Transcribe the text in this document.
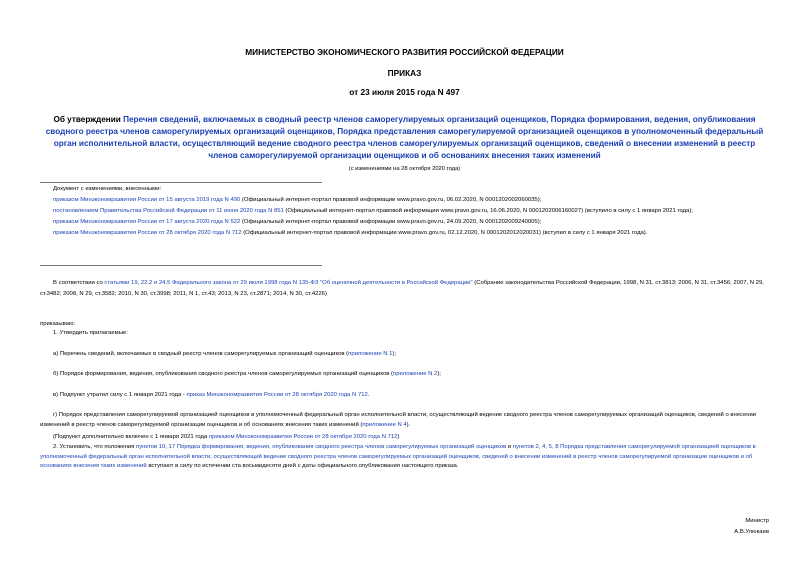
МИНИСТЕРСТВО ЭКОНОМИЧЕСКОГО РАЗВИТИЯ РОССИЙСКОЙ ФЕДЕРАЦИИ
ПРИКАЗ
от 23 июля 2015 года N 497
Об утверждении Перечня сведений, включаемых в сводный реестр членов саморегулируемых организаций оценщиков, Порядка формирования, ведения, опубликования сводного реестра членов саморегулируемых организаций оценщиков, Порядка представления саморегулируемой организацией оценщиков в уполномоченный федеральный орган исполнительной власти, осуществляющий ведение сводного реестра членов саморегулируемых организаций оценщиков, сведений о внесении изменений в реестр членов саморегулируемой организации оценщиков и об основаниях внесения таких изменений
(с изменениями на 28 октября 2020 года)
Документ с изменениями, внесенными:
приказом Минэкономразвития России от 15 августа 2019 года N 490 (Официальный интернет-портал правовой информации www.pravo.gov.ru, 06.02.2020, N 0001202002060035);
постановлением Правительства Российской Федерации от 11 июня 2020 года N 851 (Официальный интернет-портал правовой информации www.pravo.gov.ru, 16.06.2020, N 0001202006160027) (вступило в силу с 1 января 2021 года);
приказом Минэкономразвития России от 17 августа 2020 года N 522 (Официальный интернет-портал правовой информации www.pravo.gov.ru, 24.09.2020, N 0001202009240005);
приказом Минэкономразвития России от 28 октября 2020 года N 712 (Официальный интернет-портал правовой информации www.pravo.gov.ru, 02.12.2020, N 0001202012020031) (вступил в силу с 1 января 2021 года).
В соответствии со статьями 19, 22.2 и 24.5 Федерального закона от 29 июля 1998 года N 135-ФЗ "Об оценочной деятельности в Российской Федерации" (Собрание законодательства Российской Федерации, 1998, N 31, ст.3813; 2006, N 31, ст.3456; 2007, N 29, ст.3482; 2008, N 29, ст.3582; 2010, N 30, ст.3998; 2011, N 1, ст.43; 2013, N 23, ст.2871; 2014, N 30, ст.4226)
приказываю:
1. Утвердить прилагаемые:
а) Перечень сведений, включаемых в сводный реестр членов саморегулируемых организаций оценщиков (приложение N 1);
б) Порядок формирования, ведения, опубликования сводного реестра членов саморегулируемых организаций оценщиков (приложение N 2);
в) Подпункт утратил силу с 1 января 2021 года - приказ Минэкономразвития России от 28 октября 2020 года N 712.
г) Порядок представления саморегулируемой организацией оценщиков в уполномоченный федеральный орган исполнительной власти, осуществляющий ведение сводного реестра членов саморегулируемых организаций оценщиков, сведений о внесении изменений в реестр членов саморегулируемой организации оценщиков и об основаниях внесения таких изменений (приложение N 4).
(Подпункт дополнительно включен с 1 января 2021 года приказом Минэкономразвития России от 28 октября 2020 года N 712)
2. Установить, что положения пунктов 10, 17 Порядка формирования, ведения, опубликования сводного реестра членов саморегулируемых организаций оценщиков и пунктов 2, 4, 5, 8 Порядка представления саморегулируемой организацией оценщиков в уполномоченный федеральный орган исполнительной власти, осуществляющий ведение сводного реестра членов саморегулируемых организаций оценщиков, сведений о внесении изменений в реестр членов саморегулируемой организации оценщиков и об основаниях внесения таких изменений вступают в силу по истечении ста восьмидесяти дней с даты официального опубликования настоящего приказа.
Министр
А.В.Улюкаев
